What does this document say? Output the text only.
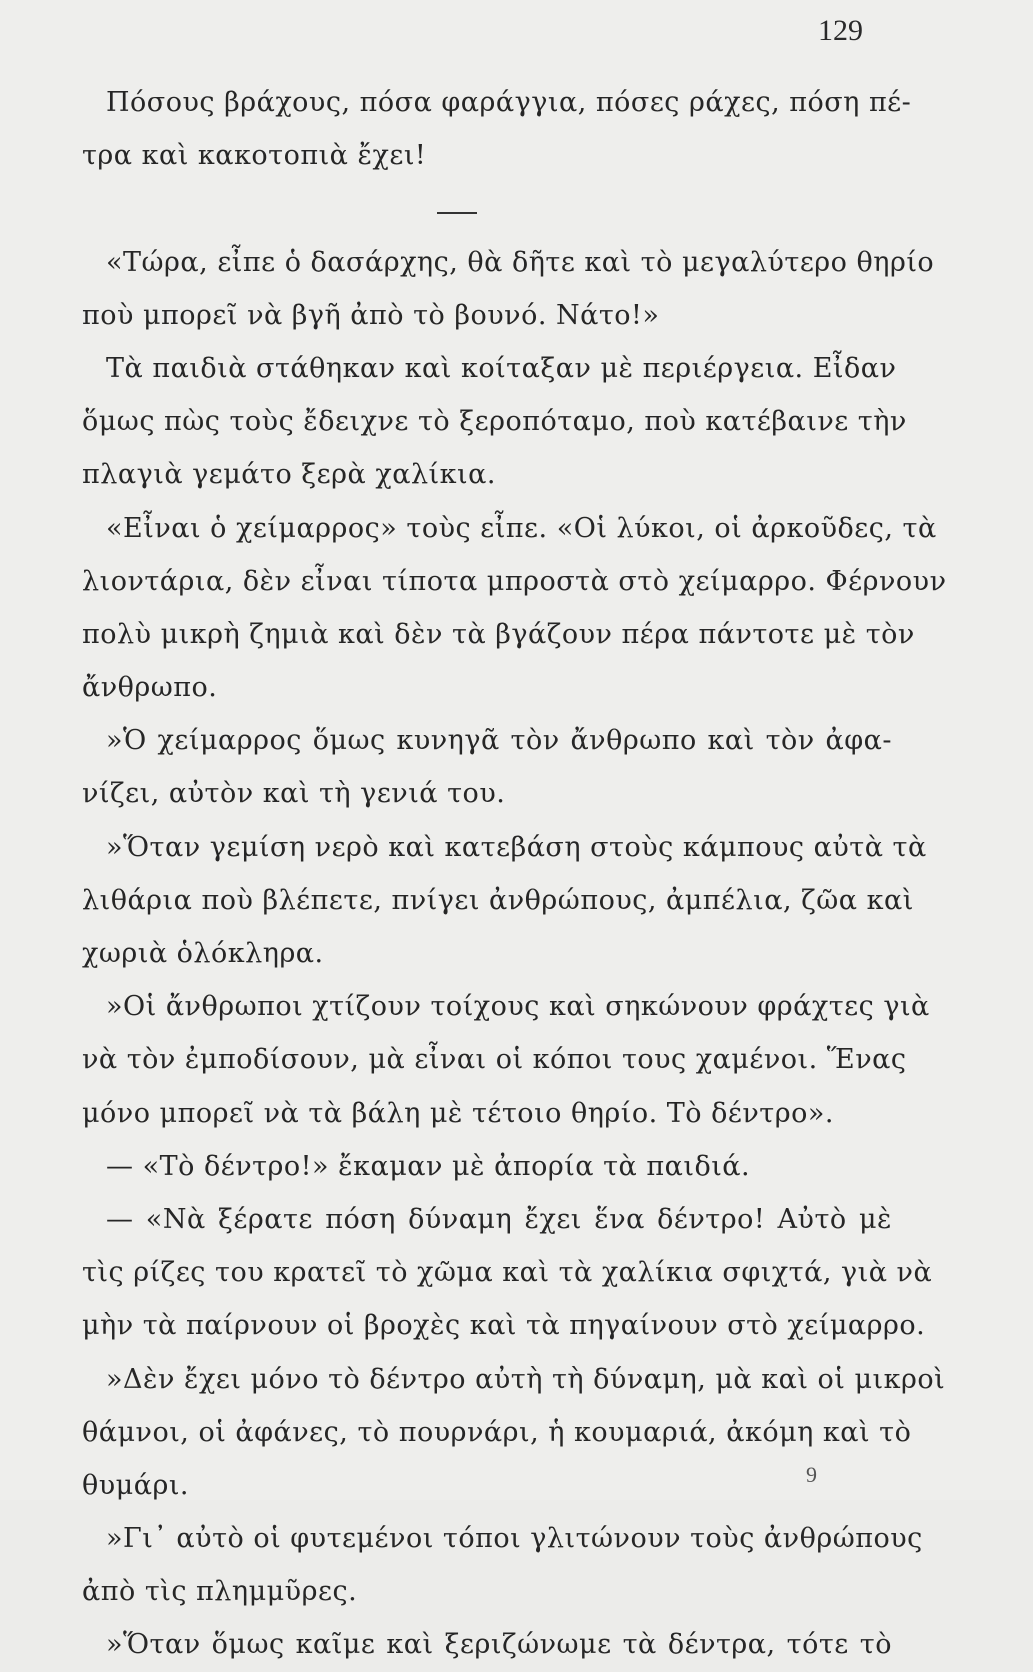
129
Πόσους βράχους, πόσα φαράγγια, πόσες ράχες, πόση πέ-
τρα καὶ κακοτοπιὰ ἔχει!
«Τώρα, εἶπε ὁ δασάρχης, θὰ δῆτε καὶ τὸ μεγαλύτερο θηρίο
ποὺ μπορεῖ νὰ βγῆ ἀπὸ τὸ βουνό. Νάτο!»
Τὰ παιδιὰ στάθηκαν καὶ κοίταξαν μὲ περιέργεια. Εἶδαν
ὅμως πὼς τοὺς ἔδειχνε τὸ ξεροπόταμο, ποὺ κατέβαινε τὴν
πλαγιὰ γεμάτο ξερὰ χαλίκια.
«Εἶναι ὁ χείμαρρος» τοὺς εἶπε. «Οἱ λύκοι, οἱ ἀρκοῦδες, τὰ
λιοντάρια, δὲν εἶναι τίποτα μπροστὰ στὸ χείμαρρο. Φέρνουν
πολὺ μικρὴ ζημιὰ καὶ δὲν τὰ βγάζουν πέρα πάντοτε μὲ τὸν
ἄνθρωπο.
»Ὁ χείμαρρος ὅμως κυνηγᾶ τὸν ἄνθρωπο καὶ τὸν ἀφα-
νίζει, αὐτὸν καὶ τὴ γενιά του.
»Ὅταν γεμίση νερὸ καὶ κατεβάση στοὺς κάμπους αὐτὰ τὰ
λιθάρια ποὺ βλέπετε, πνίγει ἀνθρώπους, ἀμπέλια, ζῶα καὶ
χωριὰ ὁλόκληρα.
»Οἱ ἄνθρωποι χτίζουν τοίχους καὶ σηκώνουν φράχτες γιὰ
νὰ τὸν ἐμποδίσουν, μὰ εἶναι οἱ κόποι τους χαμένοι. Ἕνας
μόνο μπορεῖ νὰ τὰ βάλη μὲ τέτοιο θηρίο. Τὸ δέντρο».
— «Τὸ δέντρο!» ἔκαμαν μὲ ἀπορία τὰ παιδιά.
— «Νὰ ξέρατε πόση δύναμη ἔχει ἕνα δέντρο! Αὐτὸ μὲ
τὶς ρίζες του κρατεῖ τὸ χῶμα καὶ τὰ χαλίκια σφιχτά, γιὰ νὰ
μὴν τὰ παίρνουν οἱ βροχὲς καὶ τὰ πηγαίνουν στὸ χείμαρρο.
»Δὲν ἔχει μόνο τὸ δέντρο αὐτὴ τὴ δύναμη, μὰ καὶ οἱ μικροὶ
θάμνοι, οἱ ἀφάνες, τὸ πουρνάρι, ἡ κουμαριά, ἀκόμη καὶ τὸ
θυμάρι.
»Γι᾽ αὐτὸ οἱ φυτεμένοι τόποι γλιτώνουν τοὺς ἀνθρώπους
ἀπὸ τὶς πλημμῦρες.
»Ὅταν ὅμως καῖμε καὶ ξεριζώνωμε τὰ δέντρα, τότε τὸ
9
